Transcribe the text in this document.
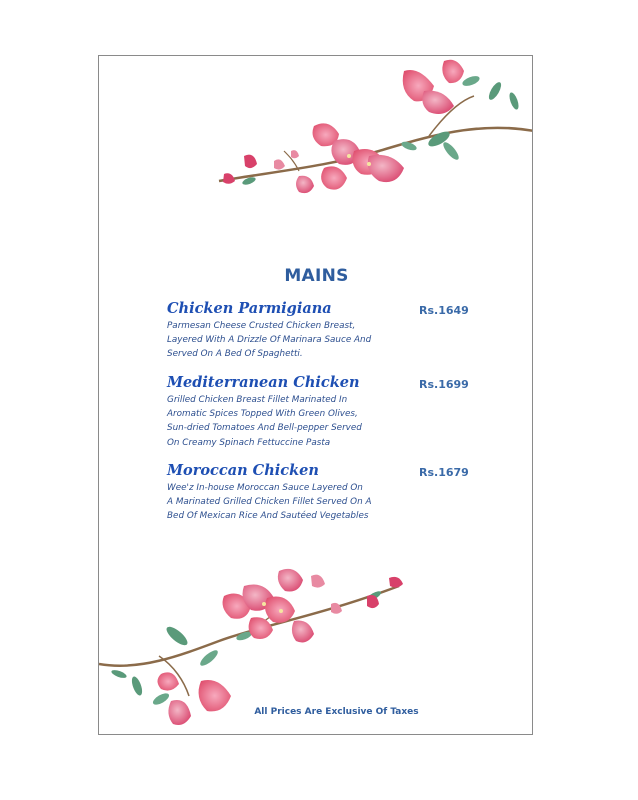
MAINS
Chicken Parmigiana
Parmesan Cheese Crusted Chicken Breast,
Layered With A Drizzle Of Marinara Sauce And
Served On A Bed Of Spaghetti.
Rs.1649
Mediterranean Chicken
Grilled Chicken Breast Fillet Marinated In
Aromatic Spices Topped With Green Olives,
Sun-dried Tomatoes And Bell-pepper Served
On Creamy Spinach Fettuccine Pasta
Rs.1699
Moroccan Chicken
Wee'z In-house Moroccan Sauce Layered On
A Marinated Grilled Chicken Fillet Served On A
Bed Of Mexican Rice And Sautéed Vegetables
Rs.1679
All Prices Are Exclusive Of Taxes
